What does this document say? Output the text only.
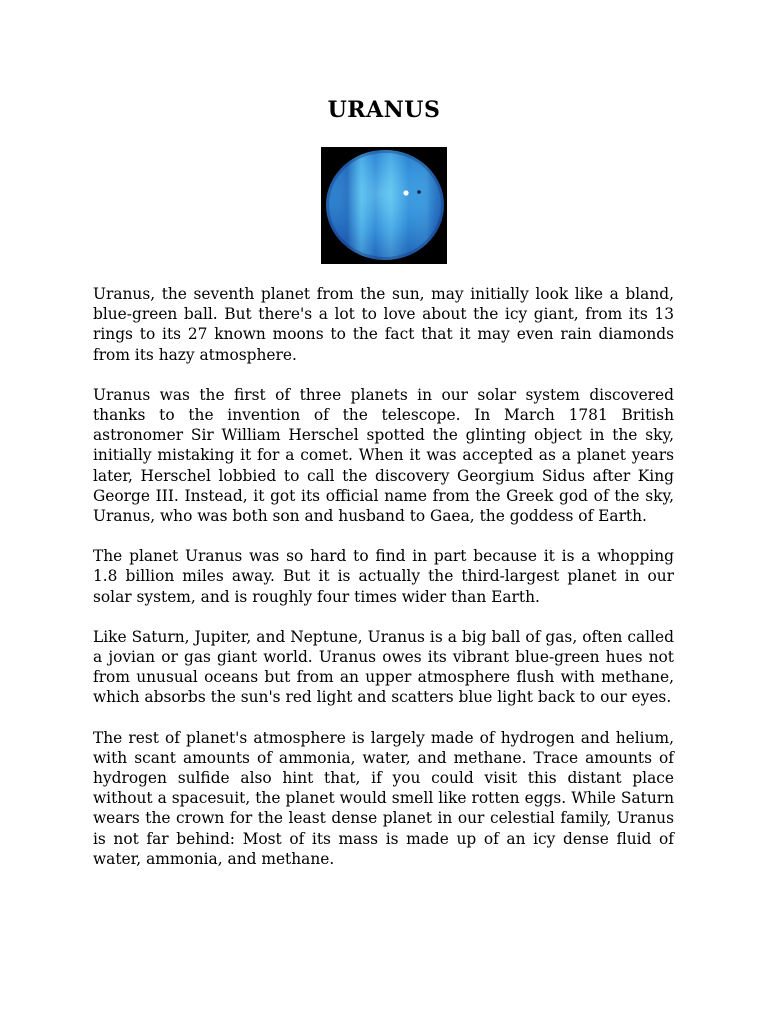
URANUS

Uranus, the seventh planet from the sun, may initially look like a bland, blue-green ball. But there's a lot to love about the icy giant, from its 13 rings to its 27 known moons to the fact that it may even rain diamonds from its hazy atmosphere.

Uranus was the first of three planets in our solar system discovered thanks to the invention of the telescope. In March 1781 British astronomer Sir William Herschel spotted the glinting object in the sky, initially mistaking it for a comet. When it was accepted as a planet years later, Herschel lobbied to call the discovery Georgium Sidus after King George III. Instead, it got its official name from the Greek god of the sky, Uranus, who was both son and husband to Gaea, the goddess of Earth.

The planet Uranus was so hard to find in part because it is a whopping 1.8 billion miles away. But it is actually the third-largest planet in our solar system, and is roughly four times wider than Earth.

Like Saturn, Jupiter, and Neptune, Uranus is a big ball of gas, often called a jovian or gas giant world. Uranus owes its vibrant blue-green hues not from unusual oceans but from an upper atmosphere flush with methane, which absorbs the sun's red light and scatters blue light back to our eyes.

The rest of planet's atmosphere is largely made of hydrogen and helium, with scant amounts of ammonia, water, and methane. Trace amounts of hydrogen sulfide also hint that, if you could visit this distant place without a spacesuit, the planet would smell like rotten eggs. While Saturn wears the crown for the least dense planet in our celestial family, Uranus is not far behind: Most of its mass is made up of an icy dense fluid of water, ammonia, and methane.
